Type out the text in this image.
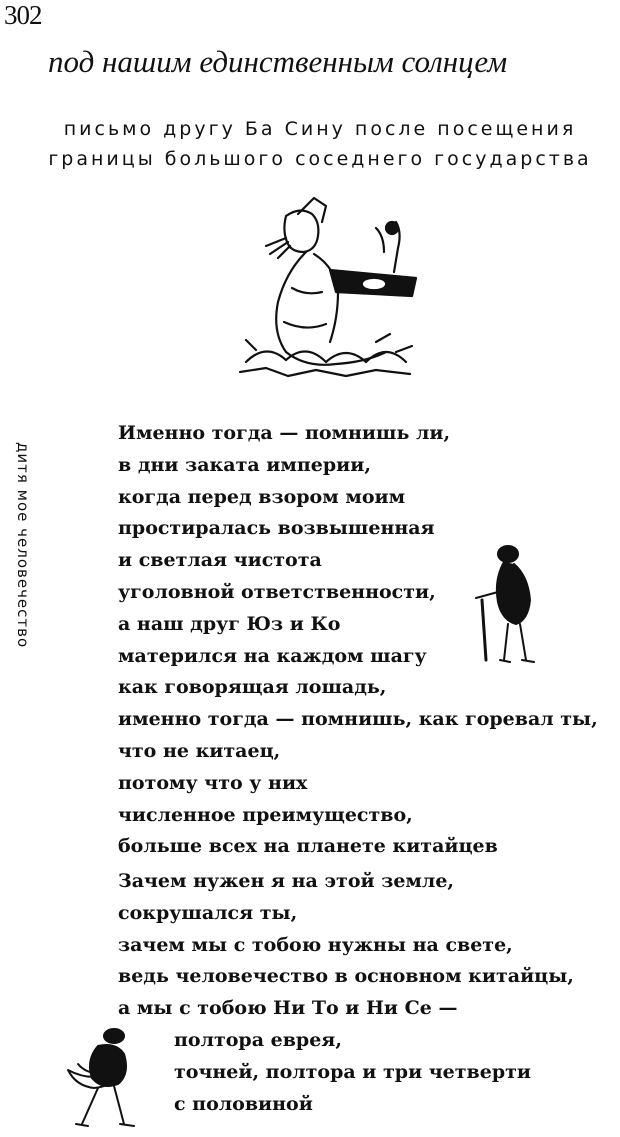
302
под нашим единственным солнцем
письмо другу Ба Сину после посещения
границы большого соседнего государства
дитя мое человечество
Именно тогда — помнишь ли,
в дни заката империи,
когда перед взором моим
простиралась возвышенная
и светлая чистота
уголовной ответственности,
а наш друг Юз и Ко
матерился на каждом шагу
как говорящая лошадь,
именно тогда — помнишь, как горевал ты,
что не китаец,
потому что у них
численное преимущество,
больше всех на планете китайцев
Зачем нужен я на этой земле,
сокрушался ты,
зачем мы с тобою нужны на свете,
ведь человечество в основном китайцы,
а мы с тобою Ни То и Ни Се —
полтора еврея,
точней, полтора и три четверти
с половиной
